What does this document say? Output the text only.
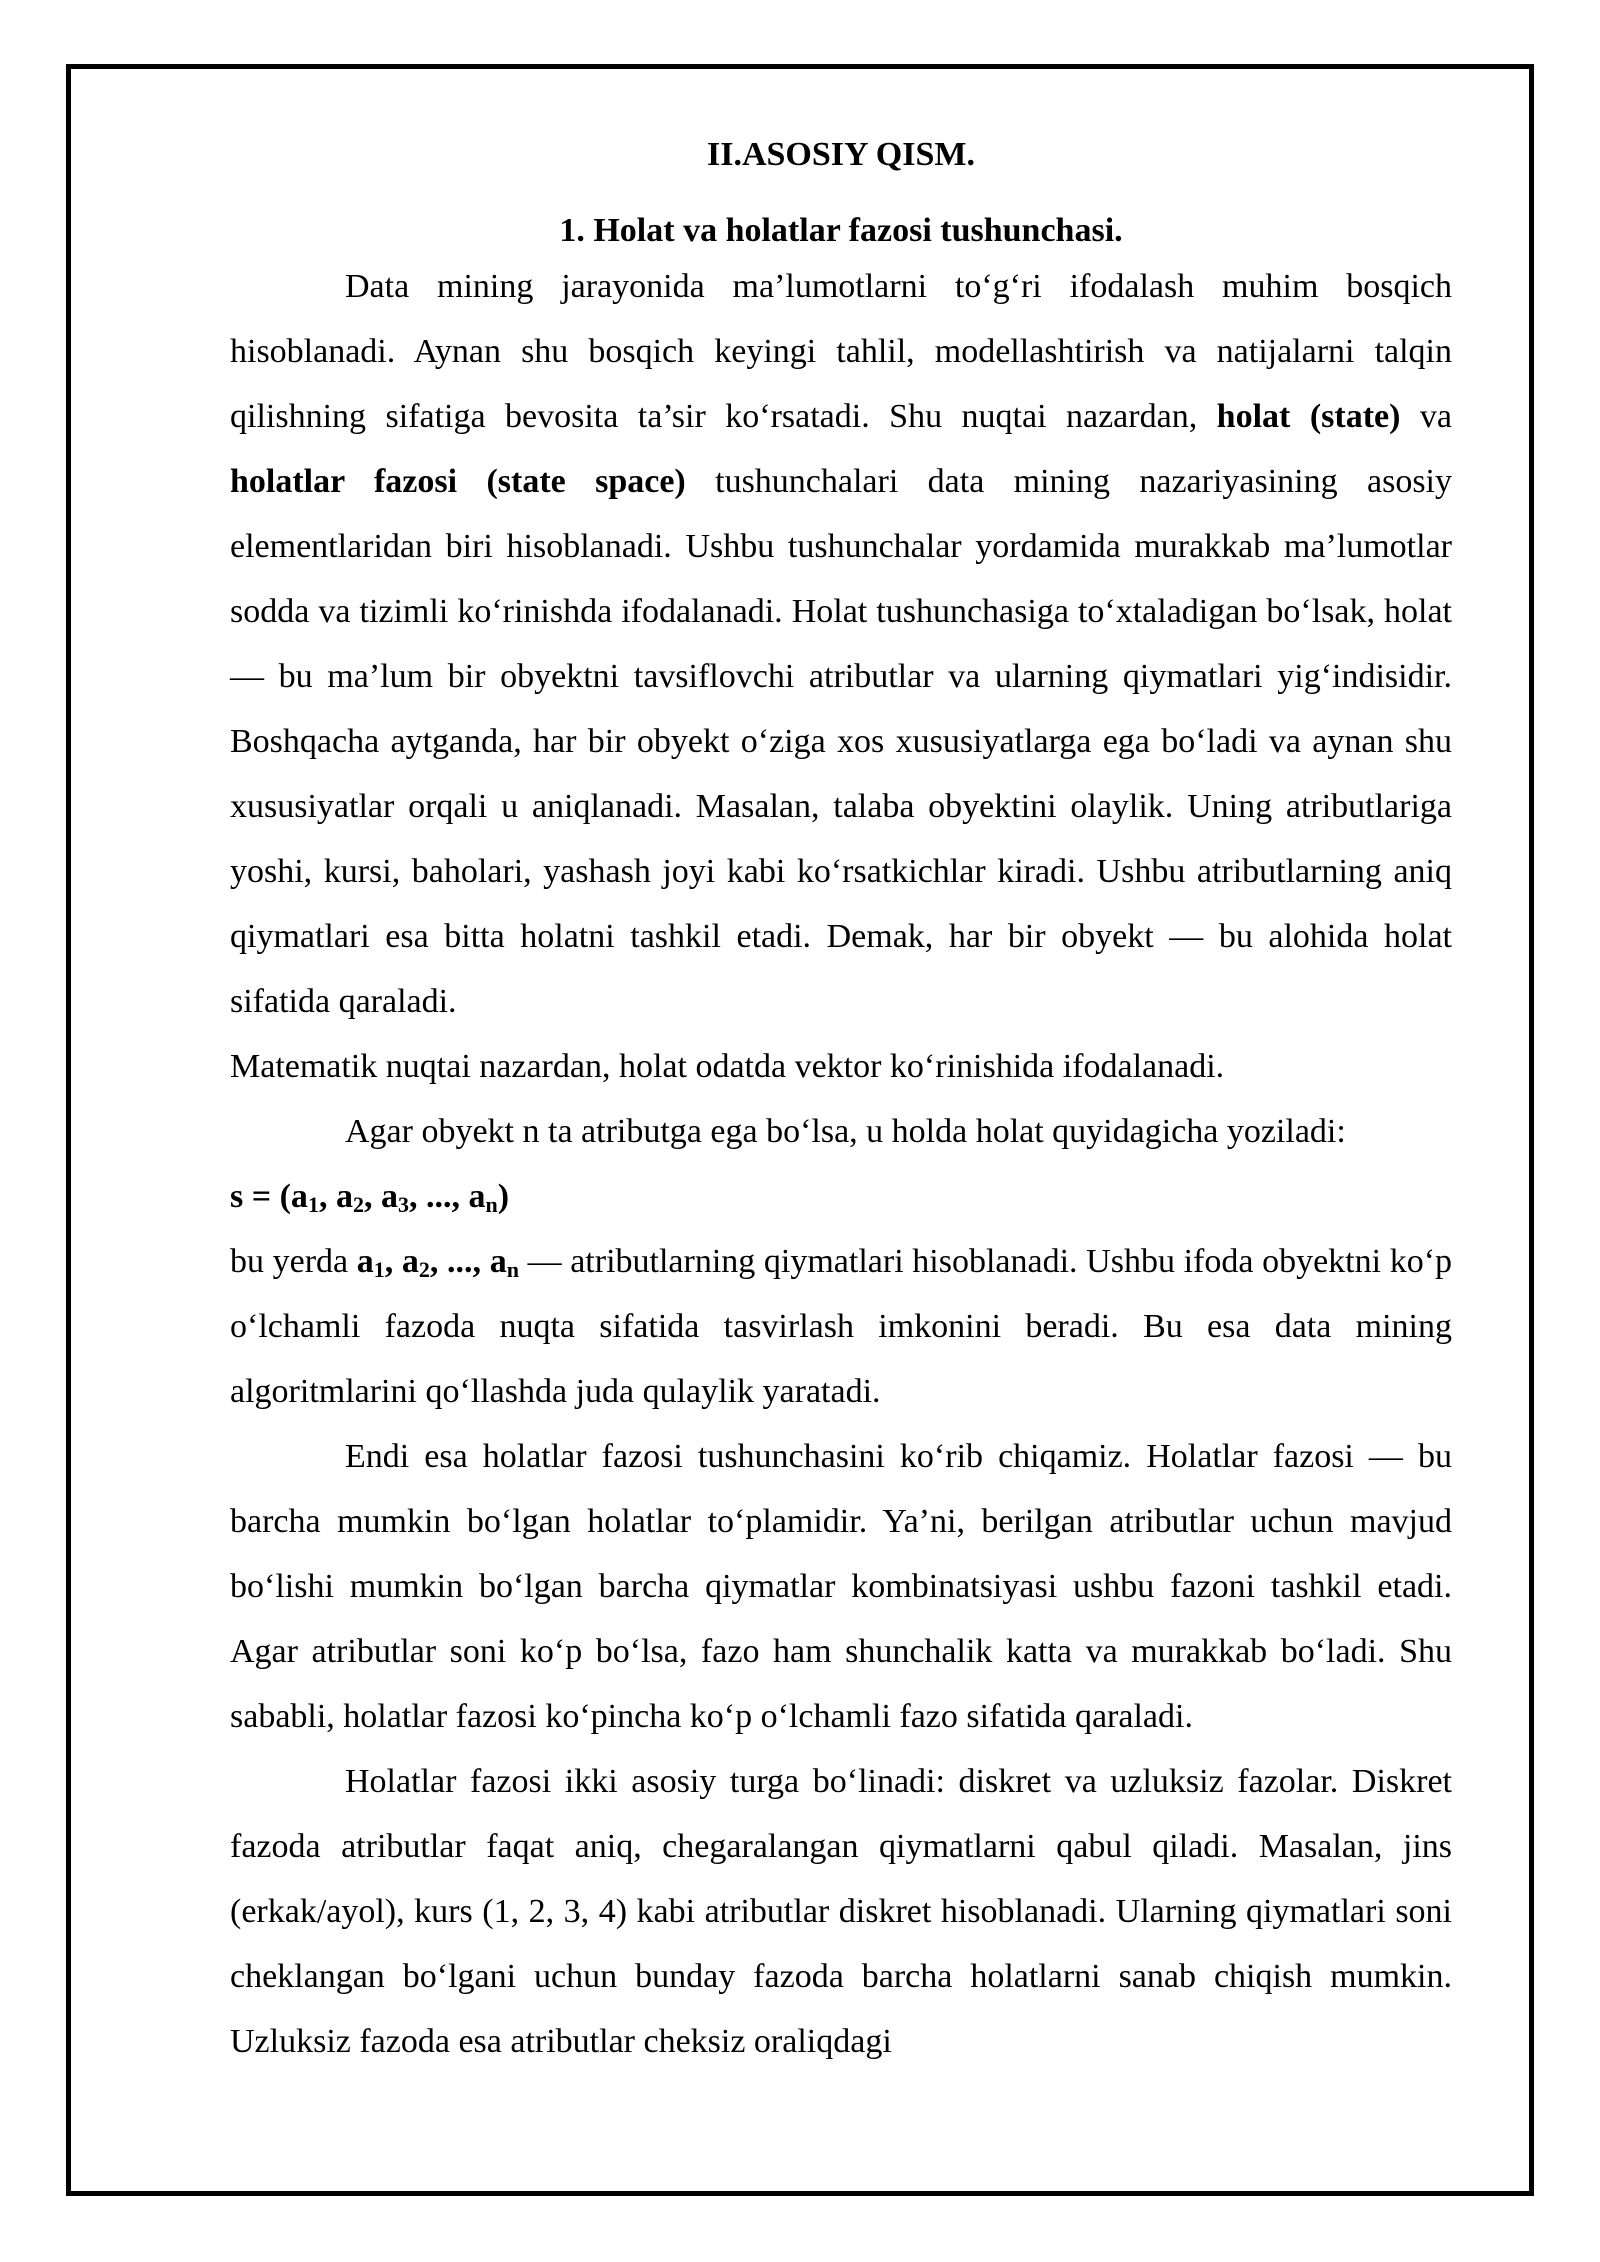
II.ASOSIY QISM.
1. Holat va holatlar fazosi tushunchasi.

Data mining jarayonida ma’lumotlarni to‘g‘ri ifodalash muhim bosqich hisoblanadi. Aynan shu bosqich keyingi tahlil, modellashtirish va natijalarni talqin qilishning sifatiga bevosita ta’sir ko‘rsatadi. Shu nuqtai nazardan, holat (state) va holatlar fazosi (state space) tushunchalari data mining nazariyasining asosiy elementlaridan biri hisoblanadi. Ushbu tushunchalar yordamida murakkab ma’lumotlar sodda va tizimli ko‘rinishda ifodalanadi. Holat tushunchasiga to‘xtaladigan bo‘lsak, holat — bu ma’lum bir obyektni tavsiflovchi atributlar va ularning qiymatlari yig‘indisidir. Boshqacha aytganda, har bir obyekt o‘ziga xos xususiyatlarga ega bo‘ladi va aynan shu xususiyatlar orqali u aniqlanadi. Masalan, talaba obyektini olaylik. Uning atributlariga yoshi, kursi, baholari, yashash joyi kabi ko‘rsatkichlar kiradi. Ushbu atributlarning aniq qiymatlari esa bitta holatni tashkil etadi. Demak, har bir obyekt — bu alohida holat sifatida qaraladi.

Matematik nuqtai nazardan, holat odatda vektor ko‘rinishida ifodalanadi.

Agar obyekt n ta atributga ega bo‘lsa, u holda holat quyidagicha yoziladi:

$s = (a_1$, $a_2$, $a_3$, ..., $a_n$)

bu yerda $a_1$, $a_2$, ..., $a_n$ — atributlarning qiymatlari hisoblanadi. Ushbu ifoda obyektni ko‘p o‘lchamli fazoda nuqta sifatida tasvirlash imkonini beradi. Bu esa data mining algoritmlarini qo‘llashda juda qulaylik yaratadi.

Endi esa holatlar fazosi tushunchasini ko‘rib chiqamiz. Holatlar fazosi — bu barcha mumkin bo‘lgan holatlar to‘plamidir. Ya’ni, berilgan atributlar uchun mavjud bo‘lishi mumkin bo‘lgan barcha qiymatlar kombinatsiyasi ushbu fazoni tashkil etadi. Agar atributlar soni ko‘p bo‘lsa, fazo ham shunchalik katta va murakkab bo‘ladi. Shu sababli, holatlar fazosi ko‘pincha ko‘p o‘lchamli fazo sifatida qaraladi.

Holatlar fazosi ikki asosiy turga bo‘linadi: diskret va uzluksiz fazolar. Diskret fazoda atributlar faqat aniq, chegaralangan qiymatlarni qabul qiladi. Masalan, jins (erkak/ayol), kurs (1, 2, 3, 4) kabi atributlar diskret hisoblanadi. Ularning qiymatlari soni cheklangan bo‘lgani uchun bunday fazoda barcha holatlarni sanab chiqish mumkin. Uzluksiz fazoda esa atributlar cheksiz oraliqdagi
